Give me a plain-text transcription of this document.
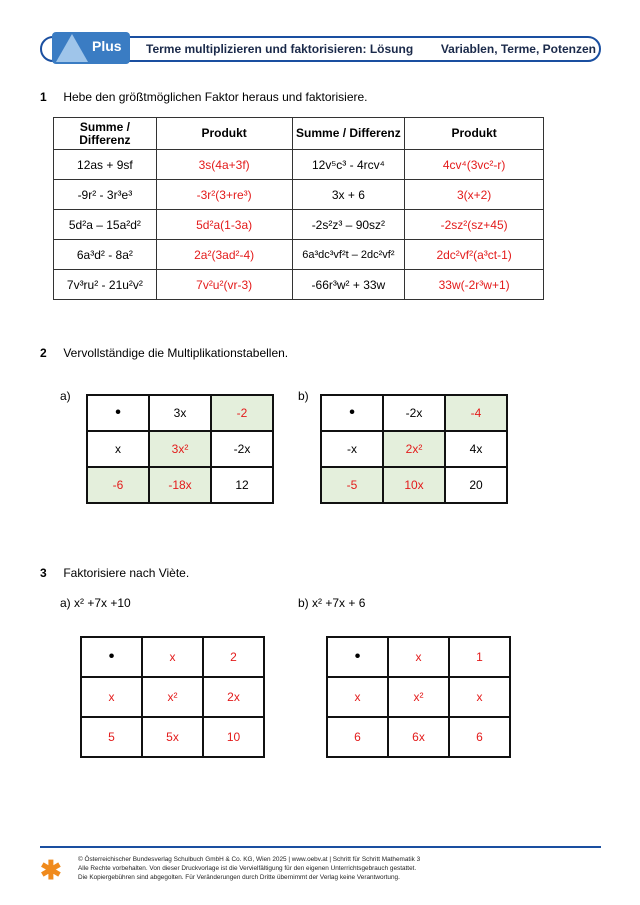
Plus Terme multiplizieren und faktorisieren: Lösung Variablen, Terme, Potenzen
1 Hebe den größtmöglichen Faktor heraus und faktorisiere.
Summe / Differenz	Produkt	Summe / Differenz	Produkt
12as + 9sf	3s(4a+3f)	12v⁵c³ - 4rcv⁴	4cv⁴(3vc²-r)
-9r² - 3r³e³	-3r²(3+re³)	3x + 6	3(x+2)
5d²a – 15a²d²	5d²a(1-3a)	-2s²z³ – 90sz²	-2sz²(sz+45)
6a³d² - 8a²	2a²(3ad²-4)	6a³dc³vf²t – 2dc²vf²	2dc²vf²(a³ct-1)
7v³ru² - 21u²v²	7v²u²(vr-3)	-66r³w² + 33w	33w(-2r³w+1)
2 Vervollständige die Multiplikationstabellen.
a)
•	3x	-2
x	3x²	-2x
-6	-18x	12
b)
•	-2x	-4
-x	2x²	4x
-5	10x	20
3 Faktorisiere nach Viète.
a) x² +7x +10
•	x	2
x	x²	2x
5	5x	10
b) x² +7x + 6
•	x	1
x	x²	x
6	6x	6
✱	© Österreichischer Bundesverlag Schulbuch GmbH & Co. KG, Wien 2025 | www.oebv.at | Schritt für Schritt Mathematik 3
Alle Rechte vorbehalten. Von dieser Druckvorlage ist die Vervielfältigung für den eigenen Unterrichtsgebrauch gestattet.
Die Kopiergebühren sind abgegolten. Für Veränderungen durch Dritte übernimmt der Verlag keine Verantwortung.
